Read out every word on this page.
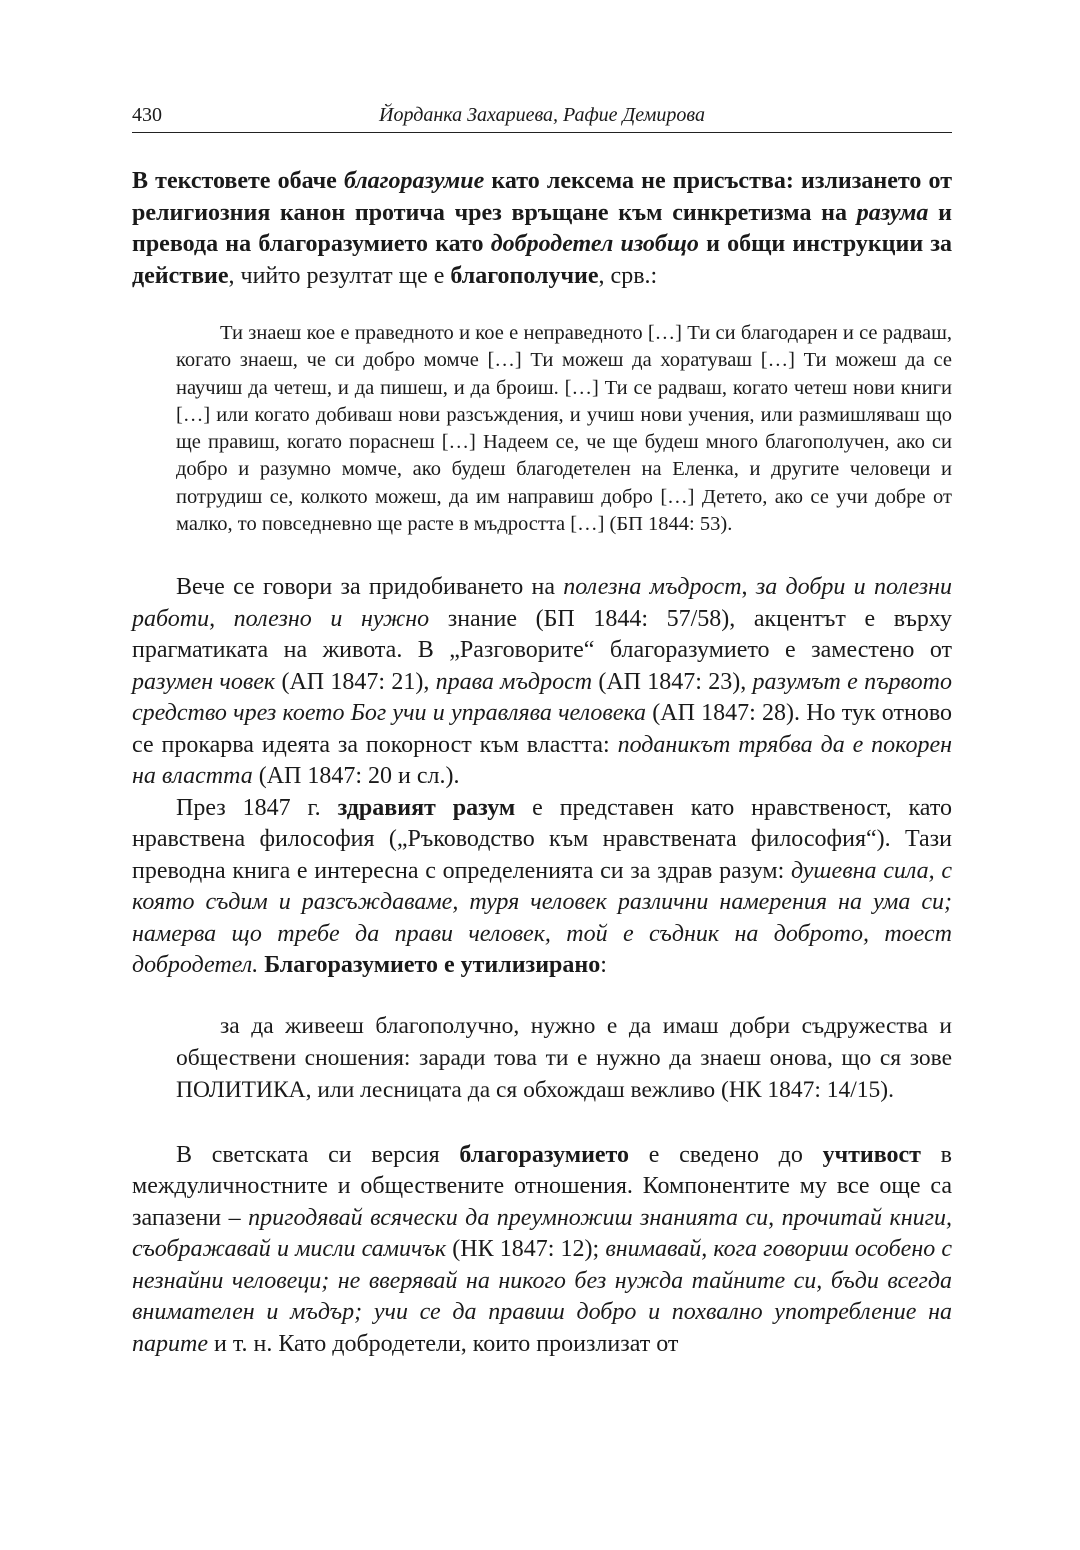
430	Йорданка Захариева, Рафие Демирова

В текстовете обаче благоразумие като лексема не присъства: излизането от религиозния канон протича чрез връщане към синкретизма на разума и превода на благоразумието като добродетел изобщо и общи инструкции за действие, чийто резултат ще е благополучие, срв.:

Ти знаеш кое е праведното и кое е неправедното […] Ти си благодарен и се радваш, когато знаеш, че си добро момче […] Ти можеш да хоратуваш […] Ти можеш да се научиш да четеш, и да пишеш, и да броиш. […] Ти се радваш, когато четеш нови книги […] или когато добиваш нови разсъждения, и учиш нови учения, или размишляваш що ще правиш, когато пораснеш […] Надеем се, че ще будеш много благополучен, ако си добро и разумно момче, ако будеш благодетелен на Еленка, и другите человеци и потрудиш се, колкото можеш, да им направиш добро […] Детето, ако се учи добре от малко, то повседневно ще расте в мъдростта […] (БП 1844: 53).

Вече се говори за придобиването на полезна мъдрост, за добри и полезни работи, полезно и нужно знание (БП 1844: 57/58), акцентът е върху прагматиката на живота. В „Разговорите“ благоразумието е заместено от разумен човек (АП 1847: 21), права мъдрост (АП 1847: 23), разумът е първото средство чрез което Бог учи и управлява человека (АП 1847: 28). Но тук отново се прокарва идеята за покорност към властта: поданикът трябва да е покорен на властта (АП 1847: 20 и сл.).

През 1847 г. здравият разум е представен като нравственост, като нравствена философия („Ръководство към нравствената философия“). Тази преводна книга е интересна с определенията си за здрав разум: душевна сила, с която съдим и разсъждаваме, туря человек различни намерения на ума си; намерва що требе да прави человек, той е съдник на доброто, тоест добродетел. Благоразумието е утилизирано:

за да живееш благополучно, нужно е да имаш добри съдружества и обществени сношения: заради това ти е нужно да знаеш онова, що ся зове ПОЛИТИКА, или лесницата да ся обхождаш вежливо (НК 1847: 14/15).

В светската си версия благоразумието е сведено до учтивост в междуличностните и обществените отношения. Компонентите му все още са запазени – пригодявай всячески да преумножиш знанията си, прочитай книги, съображавай и мисли самичък (НК 1847: 12); внимавай, кога говориш особено с незнайни человеци; не вверявай на никого без нужда тайните си, бъди всегда внимателен и мъдър; учи се да правиш добро и похвално употребление на парите и т. н. Като добродетели, които произлизат от
